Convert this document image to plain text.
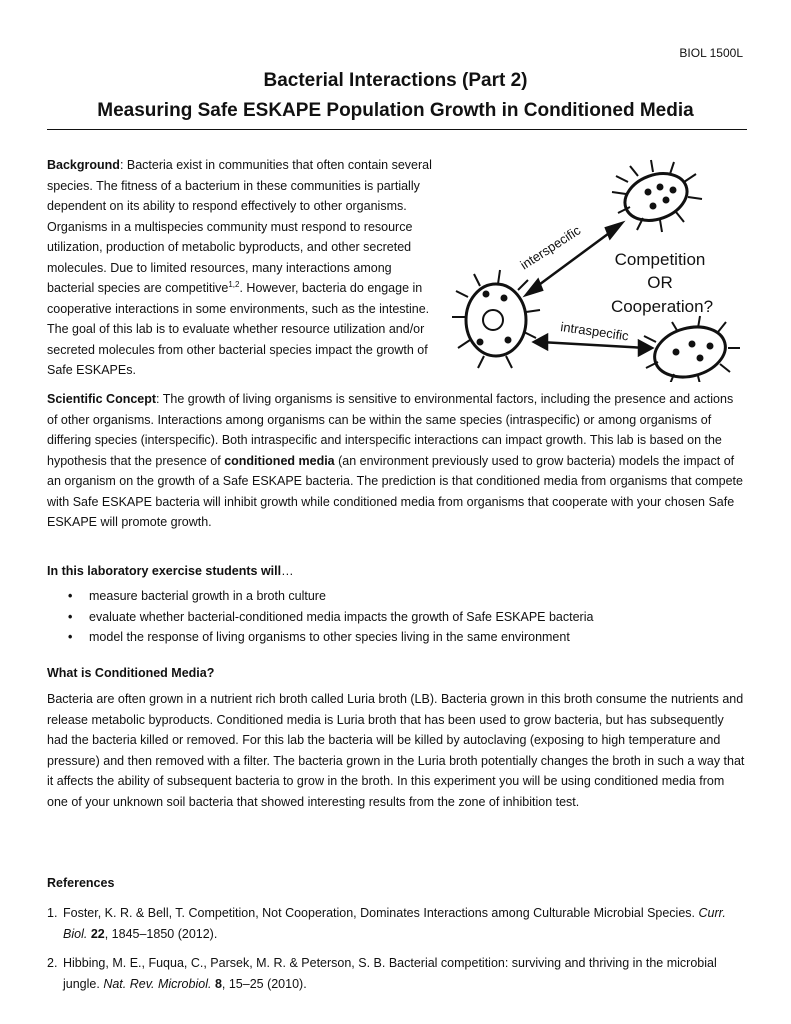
BIOL 1500L
Bacterial Interactions (Part 2)
Measuring Safe ESKAPE Population Growth in Conditioned Media

Background: Bacteria exist in communities that often contain several species. The fitness of a bacterium in these communities is partially dependent on its ability to respond effectively to other organisms. Organisms in a multispecies community must respond to resource utilization, production of metabolic byproducts, and other secreted molecules. Due to limited resources, many interactions among bacterial species are competitive$^{1,2}$. However, bacteria do engage in cooperative interactions in some environments, such as the intestine. The goal of this lab is to evaluate whether resource utilization and/or secreted molecules from other bacterial species impact the growth of Safe ESKAPEs.

interspecific
intraspecific
Competition
OR
Cooperation?

Scientific Concept: The growth of living organisms is sensitive to environmental factors, including the presence and actions of other organisms. Interactions among organisms can be within the same species (intraspecific) or among organisms of differing species (interspecific). Both intraspecific and interspecific interactions can impact growth. This lab is based on the hypothesis that the presence of conditioned media (an environment previously used to grow bacteria) models the impact of an organism on the growth of a Safe ESKAPE bacteria. The prediction is that conditioned media from organisms that compete with Safe ESKAPE bacteria will inhibit growth while conditioned media from organisms that cooperate with your chosen Safe ESKAPE will promote growth.

In this laboratory exercise students will…
• measure bacterial growth in a broth culture
• evaluate whether bacterial-conditioned media impacts the growth of Safe ESKAPE bacteria
• model the response of living organisms to other species living in the same environment
What is Conditioned Media?
Bacteria are often grown in a nutrient rich broth called Luria broth (LB). Bacteria grown in this broth consume the nutrients and release metabolic byproducts. Conditioned media is Luria broth that has been used to grow bacteria, but has subsequently had the bacteria killed or removed. For this lab the bacteria will be killed by autoclaving (exposing to high temperature and pressure) and then removed with a filter. The bacteria grown in the Luria broth potentially changes the broth in such a way that it affects the ability of subsequent bacteria to grow in the broth. In this experiment you will be using conditioned media from one of your unknown soil bacteria that showed interesting results from the zone of inhibition test.
References
1. Foster, K. R. & Bell, T. Competition, Not Cooperation, Dominates Interactions among Culturable Microbial Species. Curr. Biol. 22, 1845–1850 (2012).
2. Hibbing, M. E., Fuqua, C., Parsek, M. R. & Peterson, S. B. Bacterial competition: surviving and thriving in the microbial jungle. Nat. Rev. Microbiol. 8, 15–25 (2010).
